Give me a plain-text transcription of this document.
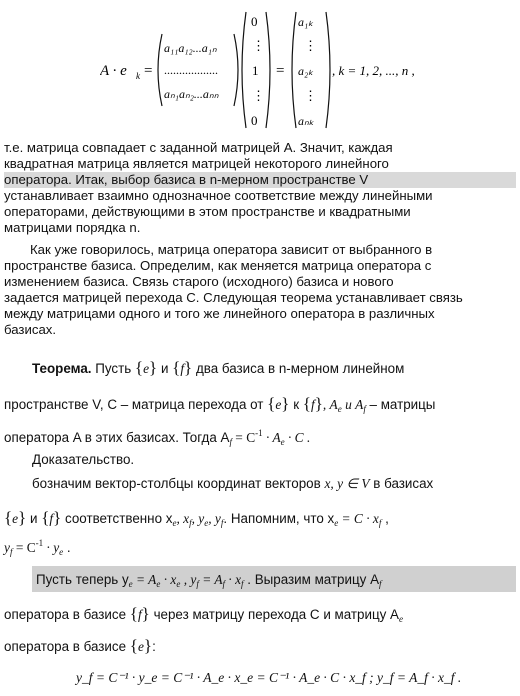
A · e k =
a₁₁a₁₂...a₁ₙ
..................
aₙ₁aₙ₂...aₙₙ
0
⋮
1
⋮
0
=
a₁ₖ
⋮
a₂ₖ
⋮
aₙₖ
, k = 1, 2, ..., n ,
т.е. матрица совпадает с заданной матрицей A. Значит, каждая
квадратная матрица является матрицей некоторого линейного
оператора. Итак, выбор базиса в n-мерном пространстве V
устанавливает взаимно однозначное соответствие между линейными
операторами, действующими в этом пространстве и квадратными
матрицами порядка n.
Как уже говорилось, матрица оператора зависит от выбранного в
пространстве базиса. Определим, как меняется матрица оператора с
изменением базиса. Связь старого (исходного) базиса и нового
задается матрицей перехода C. Следующая теорема устанавливает связь
между матрицами одного и того же линейного оператора в различных
базисах.
Теорема. Пусть {e} и {f} два базиса в n-мерном линейном
пространстве V, C – матрица перехода от {e} к {f}, $A_e$ и $A_f$ – матрицы
оператора A в этих базисах. Тогда $A_f = C^{-1} \cdot A_e \cdot C$ .
Доказательство.
бозначим вектор-столбцы координат векторов x, y ∈ V в базисах
{e} и {f} соответственно $x_e$, $x_f$, $y_e$, $y_f$. Напомним, что $x_e = C \cdot x_f$ ,
$y_f = C^{-1} \cdot y_e$ .
Пусть теперь $y_e = A_e \cdot x_e$ , $y_f = A_f \cdot x_f$ . Выразим матрицу $A_f$
оператора в базисе {f} через матрицу перехода C и матрицу $A_e$
оператора в базисе {e}:
y_f = C⁻¹ · y_e = C⁻¹ · A_e · x_e = C⁻¹ · A_e · C · x_f ; y_f = A_f · x_f .
